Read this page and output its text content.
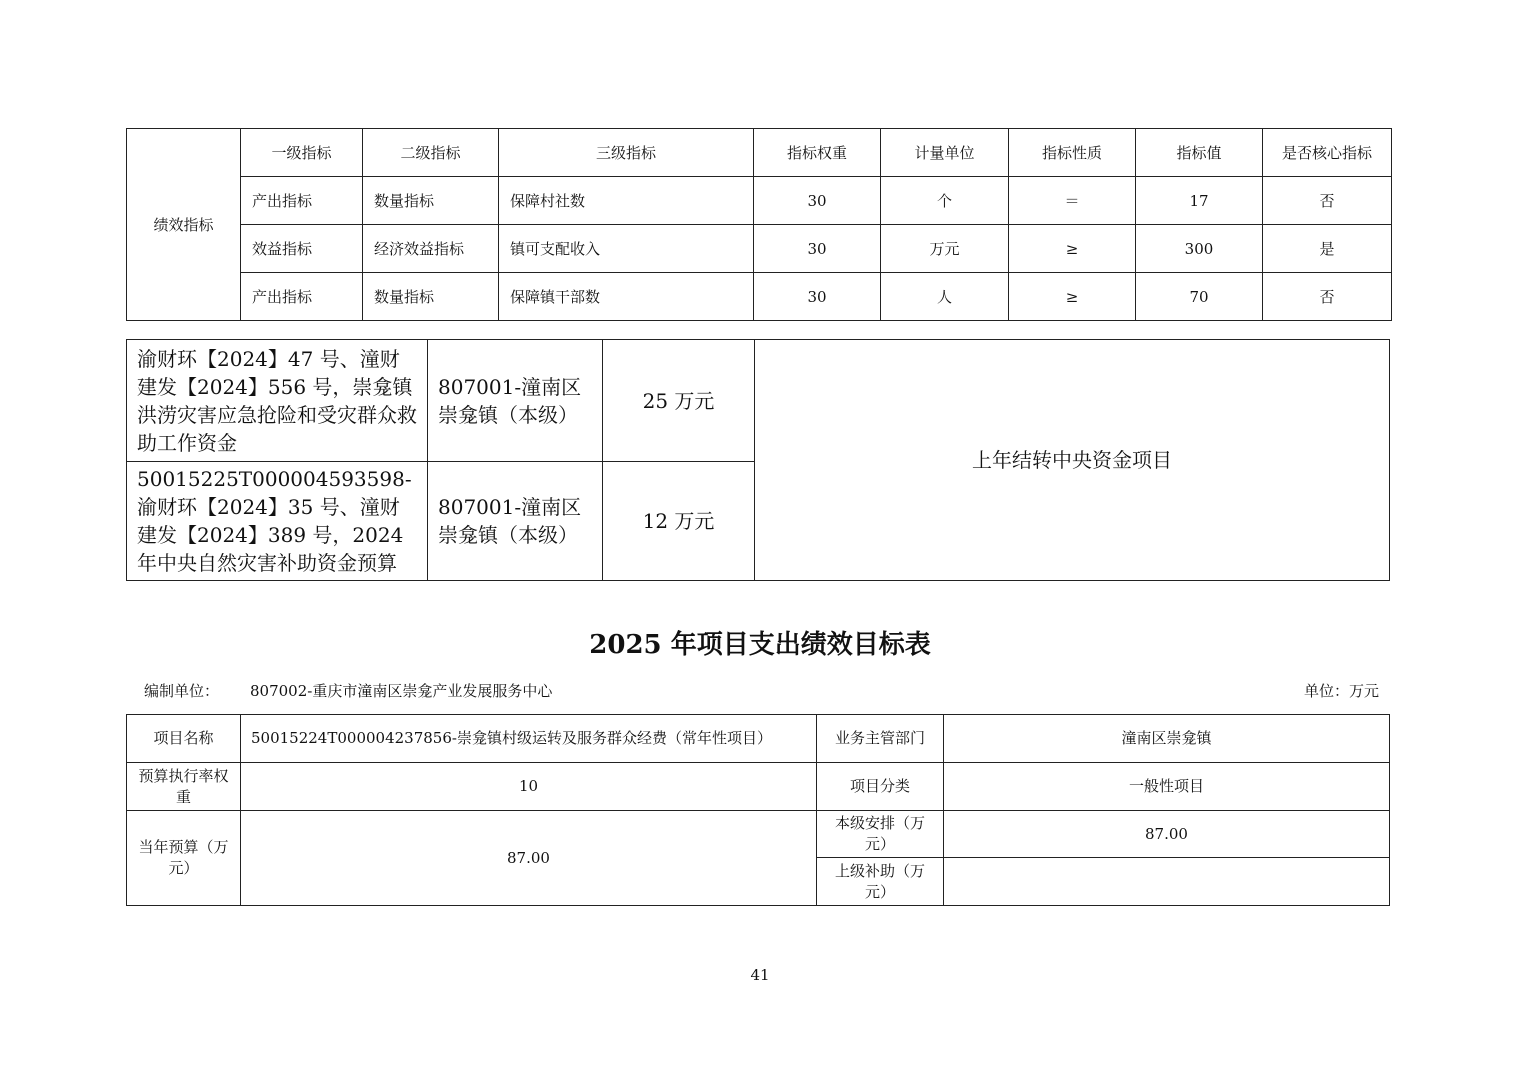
绩效指标	一级指标	二级指标	三级指标	指标权重	计量单位	指标性质	指标值	是否核心指标
	产出指标	数量指标	保障村社数	30	个	＝	17	否
	效益指标	经济效益指标	镇可支配收入	30	万元	≥	300	是
	产出指标	数量指标	保障镇干部数	30	人	≥	70	否
渝财环【2024】47 号、潼财建发【2024】556 号，崇龛镇洪涝灾害应急抢险和受灾群众救助工作资金	807001-潼南区崇龛镇（本级）	25 万元	上年结转中央资金项目
50015225T000004593598-渝财环【2024】35 号、潼财建发【2024】389 号，2024 年中央自然灾害补助资金预算	807001-潼南区崇龛镇（本级）	12 万元	
2025 年项目支出绩效目标表
编制单位： 807002-重庆市潼南区崇龛产业发展服务中心	单位：万元
项目名称	50015224T000004237856-崇龛镇村级运转及服务群众经费（常年性项目）	业务主管部门	潼南区崇龛镇
预算执行率权重	10	项目分类	一般性项目
当年预算（万元）	87.00	本级安排（万元）	87.00
		上级补助（万元）	
41
